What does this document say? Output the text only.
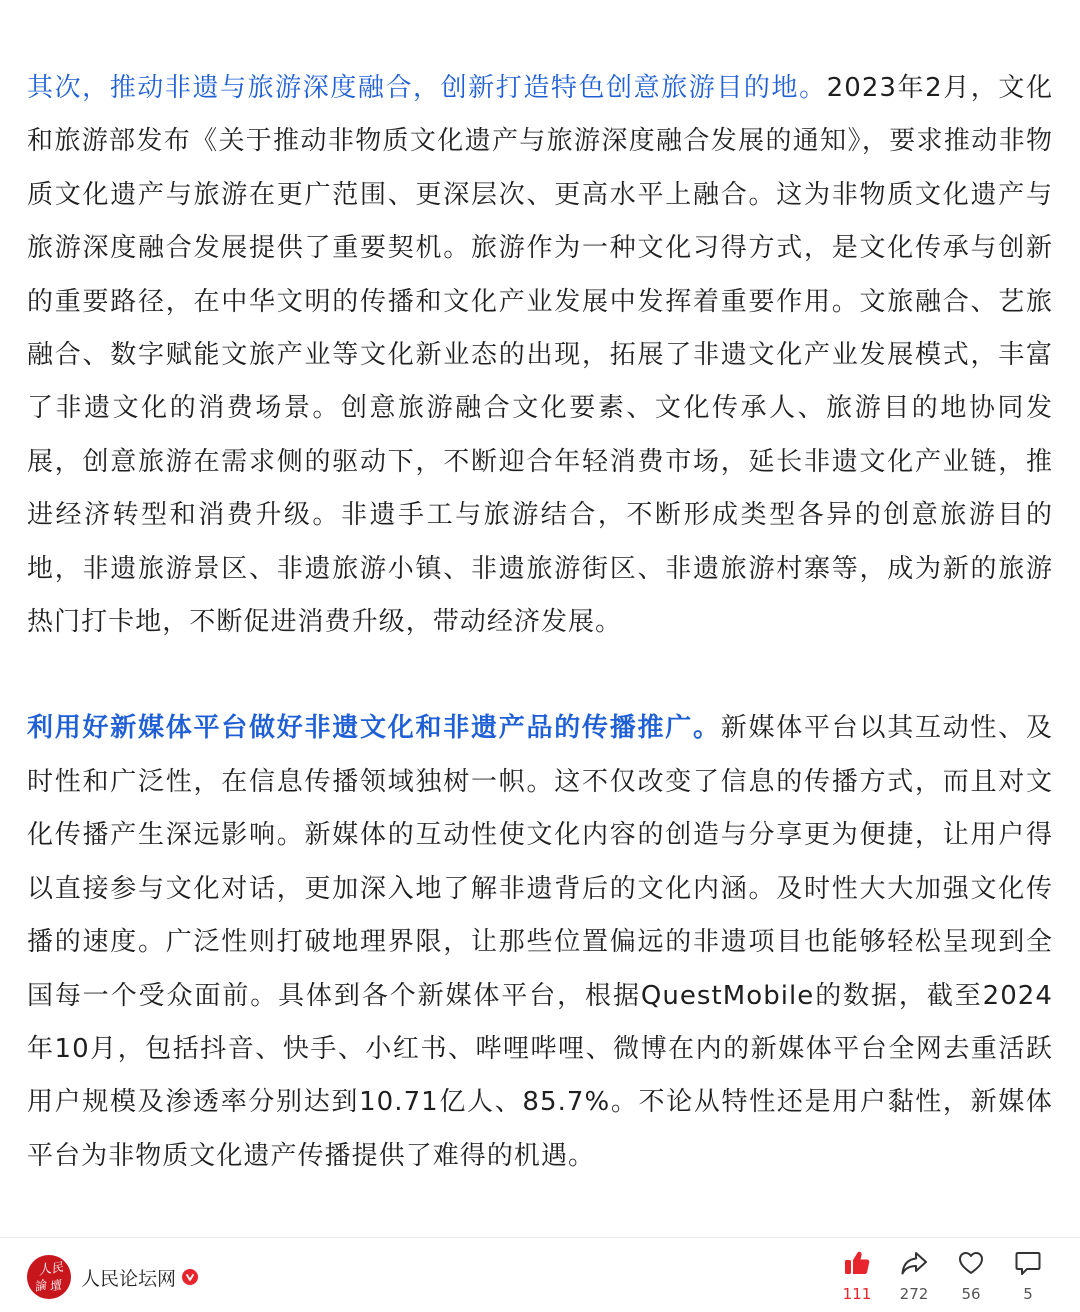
其次，推动非遗与旅游深度融合，创新打造特色创意旅游目的地。2023年2月，文化和旅游部发布《关于推动非物质文化遗产与旅游深度融合发展的通知》，要求推动非物质文化遗产与旅游在更广范围、更深层次、更高水平上融合。这为非物质文化遗产与旅游深度融合发展提供了重要契机。旅游作为一种文化习得方式，是文化传承与创新的重要路径，在中华文明的传播和文化产业发展中发挥着重要作用。文旅融合、艺旅融合、数字赋能文旅产业等文化新业态的出现，拓展了非遗文化产业发展模式，丰富了非遗文化的消费场景。创意旅游融合文化要素、文化传承人、旅游目的地协同发展，创意旅游在需求侧的驱动下，不断迎合年轻消费市场，延长非遗文化产业链，推进经济转型和消费升级。非遗手工与旅游结合，不断形成类型各异的创意旅游目的地，非遗旅游景区、非遗旅游小镇、非遗旅游街区、非遗旅游村寨等，成为新的旅游热门打卡地，不断促进消费升级，带动经济发展。

利用好新媒体平台做好非遗文化和非遗产品的传播推广。新媒体平台以其互动性、及时性和广泛性，在信息传播领域独树一帜。这不仅改变了信息的传播方式，而且对文化传播产生深远影响。新媒体的互动性使文化内容的创造与分享更为便捷，让用户得以直接参与文化对话，更加深入地了解非遗背后的文化内涵。及时性大大加强文化传播的速度。广泛性则打破地理界限，让那些位置偏远的非遗项目也能够轻松呈现到全国每一个受众面前。具体到各个新媒体平台，根据QuestMobile的数据，截至2024年10月，包括抖音、快手、小红书、哔哩哔哩、微博在内的新媒体平台全网去重活跃用户规模及渗透率分别达到10.71亿人、85.7%。不论从特性还是用户黏性，新媒体平台为非物质文化遗产传播提供了难得的机遇。

人
民
論 壇 人民论坛网
111 272 56	5
